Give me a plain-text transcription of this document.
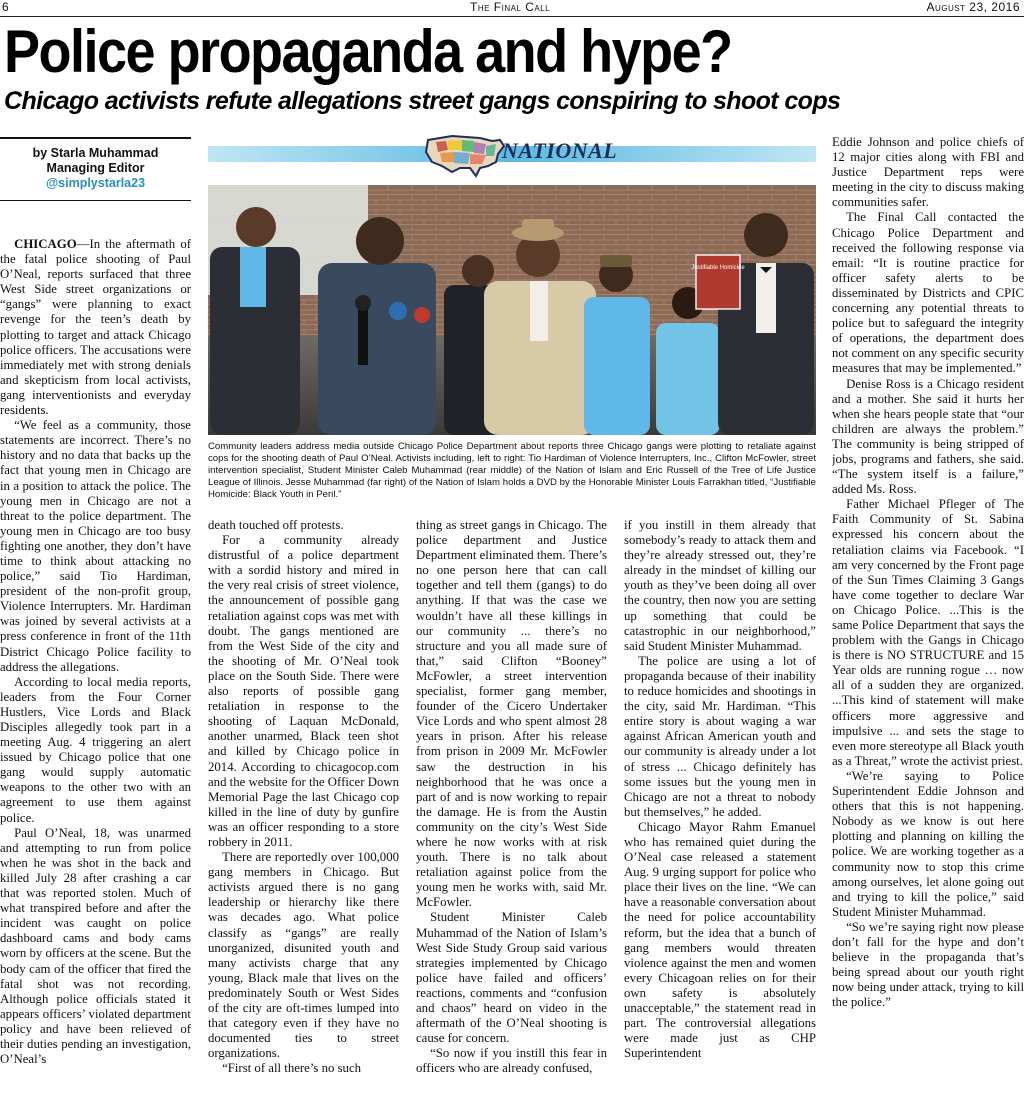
6	The Final Call	August 23, 2016
Police propaganda and hype?
Chicago activists refute allegations street gangs conspiring to shoot cops
by Starla Muhammad
Managing Editor
@simplystarla23

CHICAGO—In the aftermath of the fatal police shooting of Paul O’Neal, reports surfaced that three West Side street organizations or “gangs” were planning to exact revenge for the teen’s death by plotting to target and attack Chicago police officers. The accusations were immediately met with strong denials and skepticism from local activists, gang interventionists and everyday residents.

“We feel as a community, those statements are incorrect. There’s no history and no data that backs up the fact that young men in Chicago are in a position to attack the police. The young men in Chicago are not a threat to the police department. The young men in Chicago are too busy fighting one another, they don’t have time to think about attacking no police,” said Tio Hardiman, president of the non-profit group, Violence Interrupters. Mr. Hardiman was joined by several activists at a press conference in front of the 11th District Chicago Police facility to address the allegations.

According to local media reports, leaders from the Four Corner Hustlers, Vice Lords and Black Disciples allegedly took part in a meeting Aug. 4 triggering an alert issued by Chicago police that one gang would supply automatic weapons to the other two with an agreement to use them against police.

Paul O’Neal, 18, was unarmed and attempting to run from police when he was shot in the back and killed July 28 after crashing a car that was reported stolen. Much of what transpired before and after the incident was caught on police dashboard cams and body cams worn by officers at the scene. But the body cam of the officer that fired the fatal shot was not recording. Although police officials stated it appears officers’ violated department policy and have been relieved of their duties pending an investigation, O’Neal’s

NATIONAL
Justifiable Homicide

Community leaders address media outside Chicago Police Department about reports three Chicago gangs were plotting to retaliate against cops for the shooting death of Paul O’Neal. Activists including, left to right: Tio Hardiman of Violence Interrupters, Inc., Clifton McFowler, street intervention specialist, Student Minister Caleb Muhammad (rear middle) of the Nation of Islam and Eric Russell of the Tree of Life Justice League of Illinois. Jesse Muhammad (far right) of the Nation of Islam holds a DVD by the Honorable Minister Louis Farrakhan titled, “Justifiable Homicide: Black Youth in Peril.”

death touched off protests.

For a community already distrustful of a police department with a sordid history and mired in the very real crisis of street violence, the announcement of possible gang retaliation against cops was met with doubt. The gangs mentioned are from the West Side of the city and the shooting of Mr. O’Neal took place on the South Side. There were also reports of possible gang retaliation in response to the shooting of Laquan McDonald, another unarmed, Black teen shot and killed by Chicago police in 2014. According to chicagocop.com and the website for the Officer Down Memorial Page the last Chicago cop killed in the line of duty by gunfire was an officer responding to a store robbery in 2011.

There are reportedly over 100,000 gang members in Chicago. But activists argued there is no gang leadership or hierarchy like there was decades ago. What police classify as “gangs” are really unorganized, disunited youth and many activists charge that any young, Black male that lives on the predominately South or West Sides of the city are oft-times lumped into that category even if they have no documented ties to street organizations.

“First of all there’s no such

thing as street gangs in Chicago. The police department and Justice Department eliminated them. There’s no one person here that can call together and tell them (gangs) to do anything. If that was the case we wouldn’t have all these killings in our community ... there’s no structure and you all made sure of that,” said Clifton “Booney” McFowler, a street intervention specialist, former gang member, founder of the Cicero Undertaker Vice Lords and who spent almost 28 years in prison. After his release from prison in 2009 Mr. McFowler saw the destruction in his neighborhood that he was once a part of and is now working to repair the damage. He is from the Austin community on the city’s West Side where he now works with at risk youth. There is no talk about retaliation against police from the young men he works with, said Mr. McFowler.

Student Minister Caleb Muhammad of the Nation of Islam’s West Side Study Group said various strategies implemented by Chicago police have failed and officers’ reactions, comments and “confusion and chaos” heard on video in the aftermath of the O’Neal shooting is cause for concern.

“So now if you instill this fear in officers who are already confused,

if you instill in them already that somebody’s ready to attack them and they’re already stressed out, they’re already in the mindset of killing our youth as they’ve been doing all over the country, then now you are setting up something that could be catastrophic in our neighborhood,” said Student Minister Muhammad.

The police are using a lot of propaganda because of their inability to reduce homicides and shootings in the city, said Mr. Hardiman. “This entire story is about waging a war against African American youth and our community is already under a lot of stress ... Chicago definitely has some issues but the young men in Chicago are not a threat to nobody but themselves,” he added.

Chicago Mayor Rahm Emanuel who has remained quiet during the O’Neal case released a statement Aug. 9 urging support for police who place their lives on the line. “We can have a reasonable conversation about the need for police accountability reform, but the idea that a bunch of gang members would threaten violence against the men and women every Chicagoan relies on for their own safety is absolutely unacceptable,” the statement read in part. The controversial allegations were made just as CHP Superintendent

Eddie Johnson and police chiefs of 12 major cities along with FBI and Justice Department reps were meeting in the city to discuss making communities safer.

The Final Call contacted the Chicago Police Department and received the following response via email: “It is routine practice for officer safety alerts to be disseminated by Districts and CPIC concerning any potential threats to police but to safeguard the integrity of operations, the department does not comment on any specific security measures that may be implemented.”

Denise Ross is a Chicago resident and a mother. She said it hurts her when she hears people state that “our children are always the problem.” The community is being stripped of jobs, programs and fathers, she said. “The system itself is a failure,” added Ms. Ross.

Father Michael Pfleger of The Faith Community of St. Sabina expressed his concern about the retaliation claims via Facebook. “I am very concerned by the Front page of the Sun Times Claiming 3 Gangs have come together to declare War on Chicago Police. ...This is the same Police Department that says the problem with the Gangs in Chicago is there is NO STRUCTURE and 15 Year olds are running rogue … now all of a sudden they are organized. ...This kind of statement will make officers more aggressive and impulsive ... and sets the stage to even more stereotype all Black youth as a Threat,” wrote the activist priest.

“We’re saying to Police Superintendent Eddie Johnson and others that this is not happening. Nobody as we know is out here plotting and planning on killing the police. We are working together as a community now to stop this crime among ourselves, let alone going out and trying to kill the police,” said Student Minister Muhammad.

“So we’re saying right now please don’t fall for the hype and don’t believe in the propaganda that’s being spread about our youth right now being under attack, trying to kill the police.”
